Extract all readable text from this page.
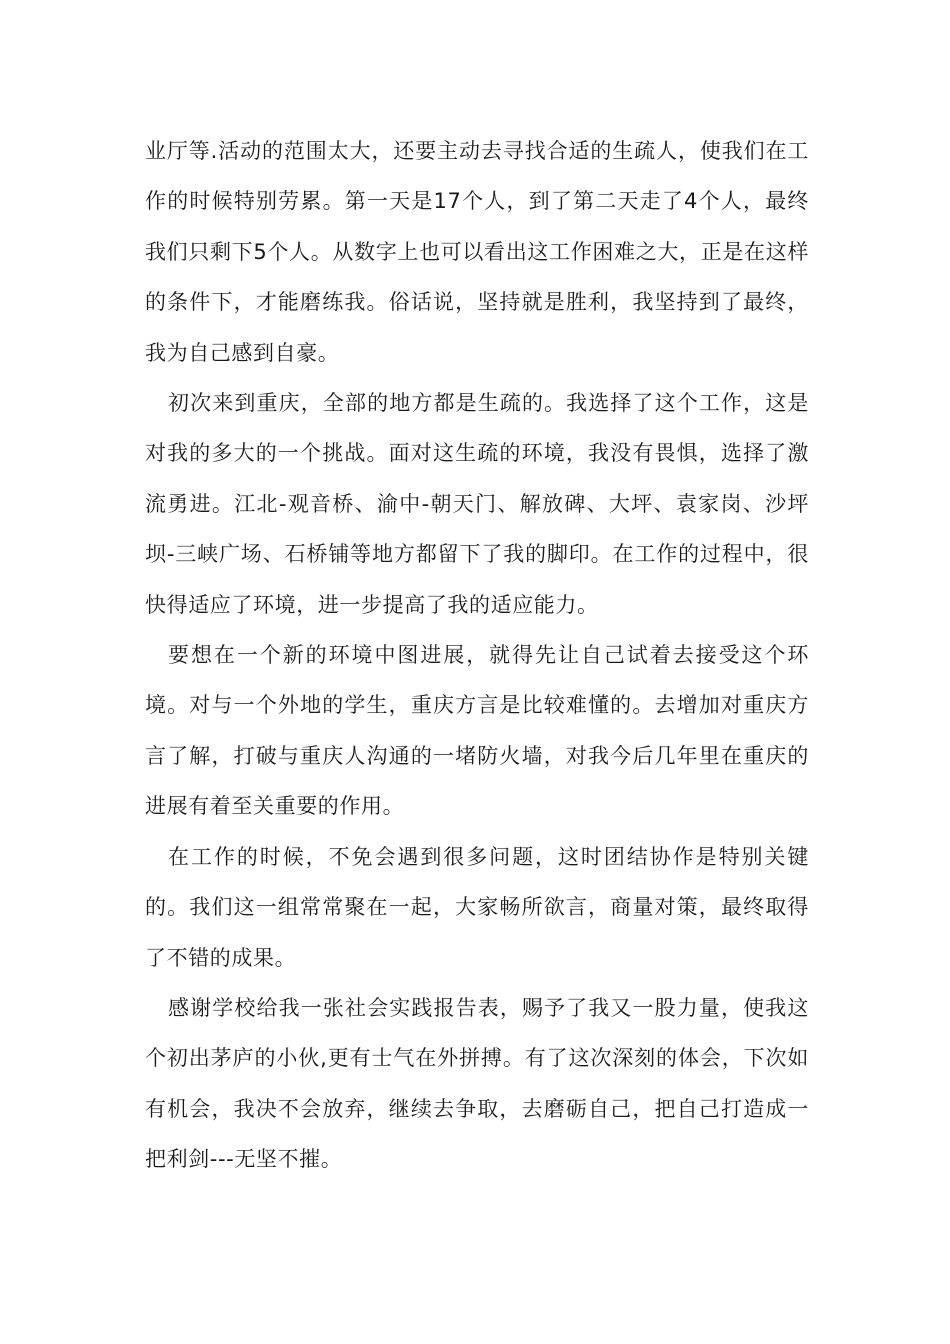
业厅等.活动的范围太大，还要主动去寻找合适的生疏人，使我们在工作的时候特别劳累。第一天是17个人，到了第二天走了4个人，最终我们只剩下5个人。从数字上也可以看出这工作困难之大，正是在这样的条件下，才能磨练我。俗话说，坚持就是胜利，我坚持到了最终，我为自己感到自豪。

初次来到重庆，全部的地方都是生疏的。我选择了这个工作，这是对我的多大的一个挑战。面对这生疏的环境，我没有畏惧，选择了激流勇进。江北-观音桥、渝中-朝天门、解放碑、大坪、袁家岗、沙坪坝-三峡广场、石桥铺等地方都留下了我的脚印。在工作的过程中，很快得适应了环境，进一步提高了我的适应能力。

要想在一个新的环境中图进展，就得先让自己试着去接受这个环境。对与一个外地的学生，重庆方言是比较难懂的。去增加对重庆方言了解，打破与重庆人沟通的一堵防火墙，对我今后几年里在重庆的进展有着至关重要的作用。

在工作的时候，不免会遇到很多问题，这时团结协作是特别关键的。我们这一组常常聚在一起，大家畅所欲言，商量对策，最终取得了不错的成果。

感谢学校给我一张社会实践报告表，赐予了我又一股力量，使我这个初出茅庐的小伙,更有士气在外拼搏。有了这次深刻的体会，下次如有机会，我决不会放弃，继续去争取，去磨砺自己，把自己打造成一把利剑---无坚不摧。
